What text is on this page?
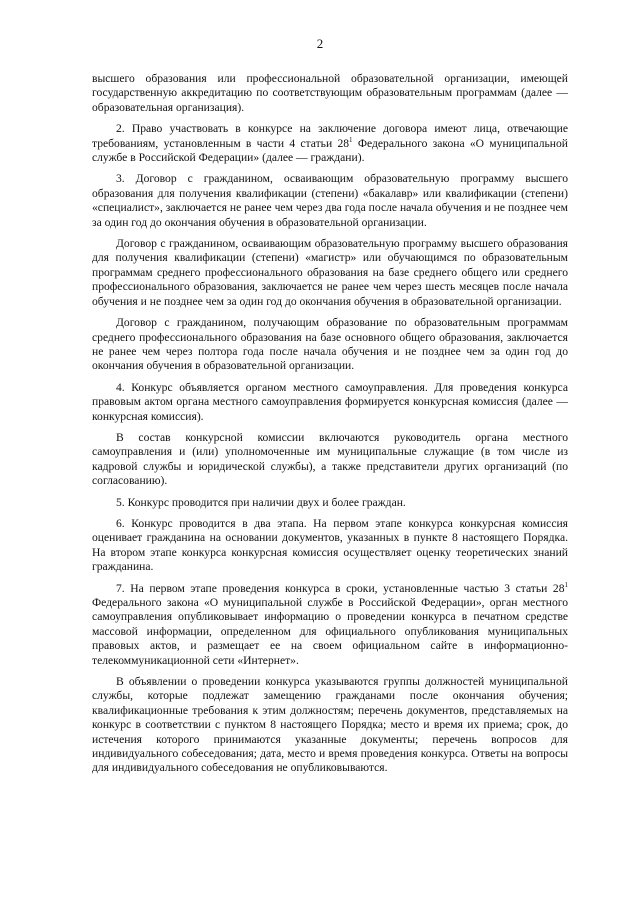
2

высшего образования или профессиональной образовательной организации, имеющей государственную аккредитацию по соответствующим образовательным программам (далее — образовательная организация).

2. Право участвовать в конкурсе на заключение договора имеют лица, отвечающие требованиям, установленным в части 4 статьи $28^1$ Федерального закона «О муниципальной службе в Российской Федерации» (далее — граждани).

3. Договор с гражданином, осваивающим образовательную программу высшего образования для получения квалификации (степени) «бакалавр» или квалификации (степени) «специалист», заключается не ранее чем через два года после начала обучения и не позднее чем за один год до окончания обучения в образовательной организации.

Договор с гражданином, осваивающим образовательную программу высшего образования для получения квалификации (степени) «магистр» или обучающимся по образовательным программам среднего профессионального образования на базе среднего общего или среднего профессионального образования, заключается не ранее чем через шесть месяцев после начала обучения и не позднее чем за один год до окончания обучения в образовательной организации.

Договор с гражданином, получающим образование по образовательным программам среднего профессионального образования на базе основного общего образования, заключается не ранее чем через полтора года после начала обучения и не позднее чем за один год до окончания обучения в образовательной организации.

4. Конкурс объявляется органом местного самоуправления. Для проведения конкурса правовым актом органа местного самоуправления формируется конкурсная комиссия (далее — конкурсная комиссия).

В состав конкурсной комиссии включаются руководитель органа местного самоуправления и (или) уполномоченные им муниципальные служащие (в том числе из кадровой службы и юридической службы), а также представители других организаций (по согласованию).

5. Конкурс проводится при наличии двух и более граждан.

6. Конкурс проводится в два этапа. На первом этапе конкурса конкурсная комиссия оценивает гражданина на основании документов, указанных в пункте 8 настоящего Порядка. На втором этапе конкурса конкурсная комиссия осуществляет оценку теоретических знаний гражданина.

7. На первом этапе проведения конкурса в сроки, установленные частью 3 статьи $28^1$ Федерального закона «О муниципальной службе в Российской Федерации», орган местного самоуправления опубликовывает информацию о проведении конкурса в печатном средстве массовой информации, определенном для официального опубликования муниципальных правовых актов, и размещает ее на своем официальном сайте в информационно-телекоммуникационной сети «Интернет».

В объявлении о проведении конкурса указываются группы должностей муниципальной службы, которые подлежат замещению гражданами после окончания обучения; квалификационные требования к этим должностям; перечень документов, представляемых на конкурс в соответствии с пунктом 8 настоящего Порядка; место и время их приема; срок, до истечения которого принимаются указанные документы; перечень вопросов для индивидуального собеседования; дата, место и время проведения конкурса. Ответы на вопросы для индивидуального собеседования не опубликовываются.
